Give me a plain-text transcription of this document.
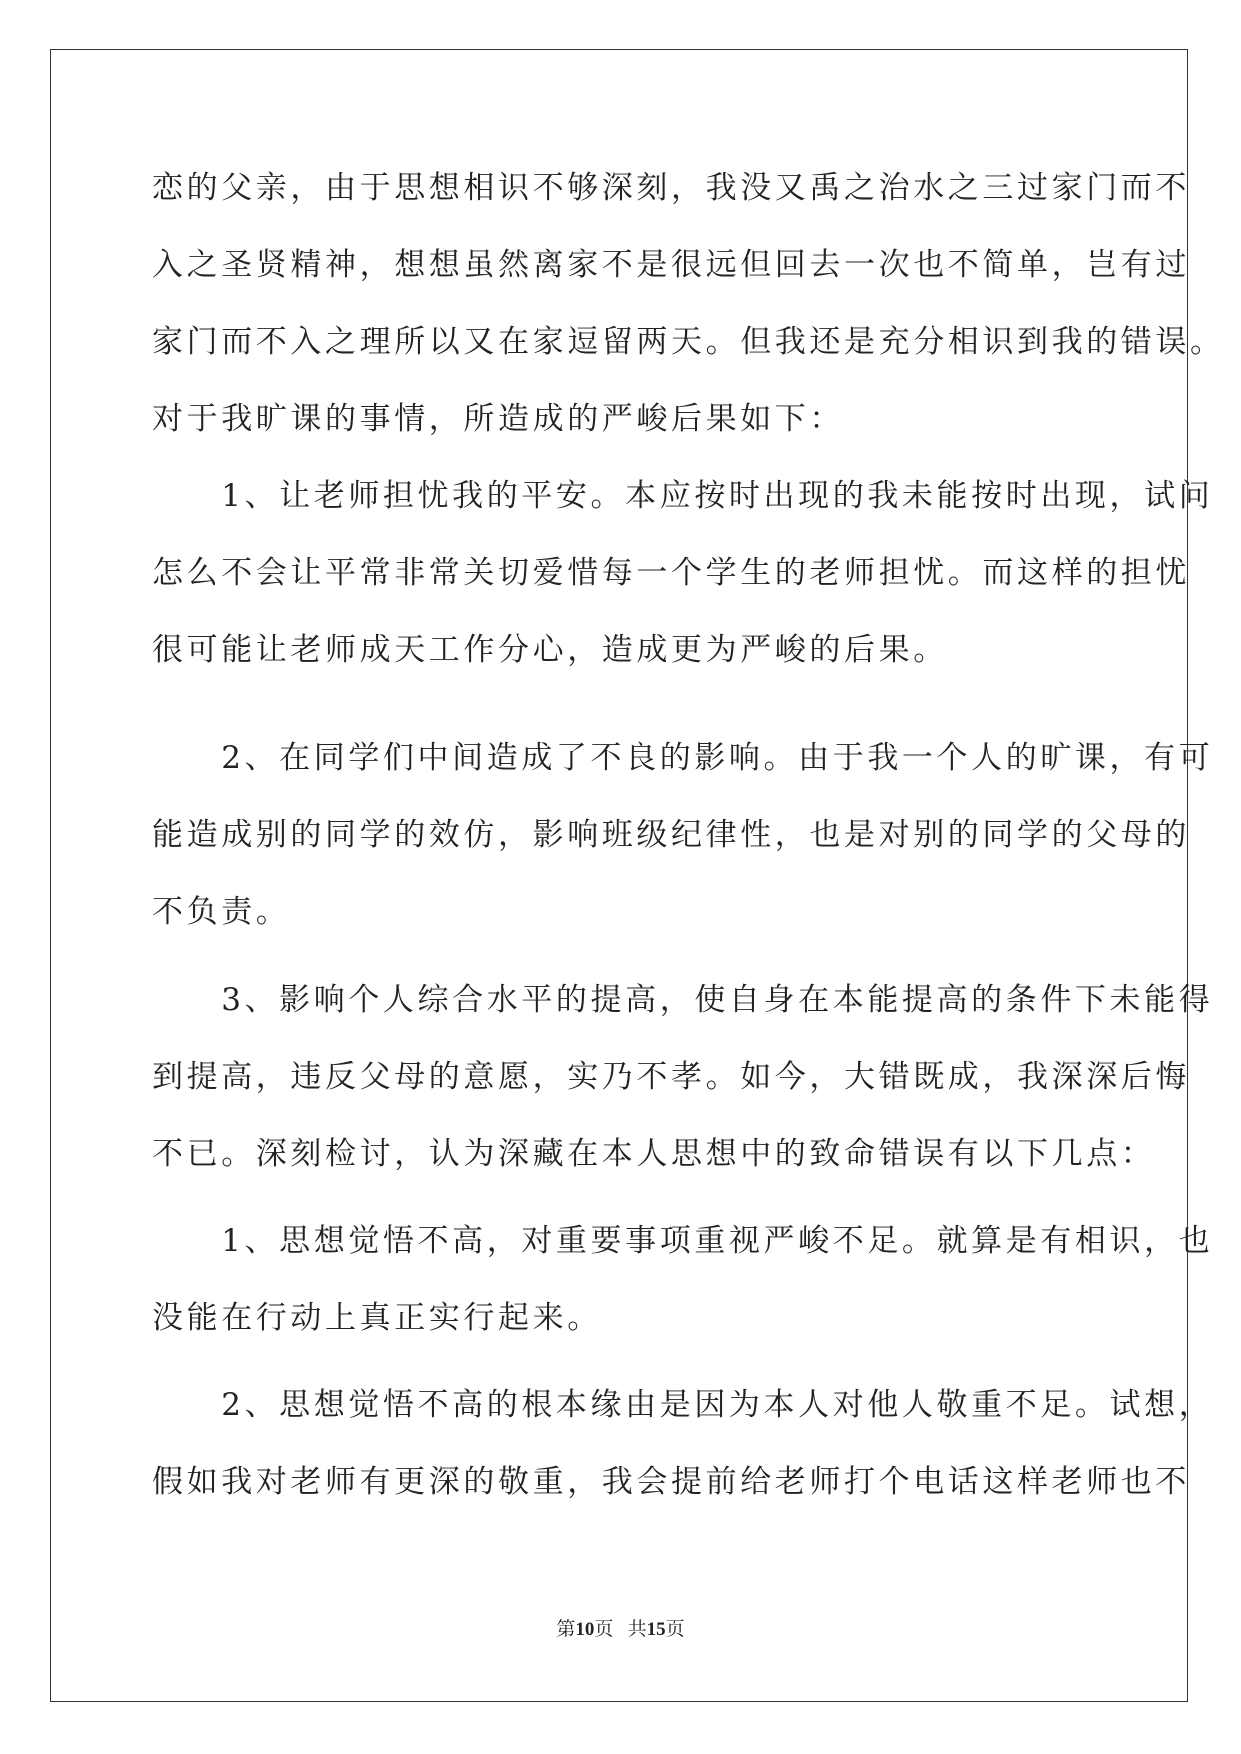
恋的父亲，由于思想相识不够深刻，我没又禹之治水之三过家门而不

入之圣贤精神，想想虽然离家不是很远但回去一次也不简单，岂有过

家门而不入之理所以又在家逗留两天。但我还是充分相识到我的错误。

对于我旷课的事情，所造成的严峻后果如下：

　　1、让老师担忧我的平安。本应按时出现的我未能按时出现，试问

怎么不会让平常非常关切爱惜每一个学生的老师担忧。而这样的担忧

很可能让老师成天工作分心，造成更为严峻的后果。

　　2、在同学们中间造成了不良的影响。由于我一个人的旷课，有可

能造成别的同学的效仿，影响班级纪律性，也是对别的同学的父母的

不负责。

　　3、影响个人综合水平的提高，使自身在本能提高的条件下未能得

到提高，违反父母的意愿，实乃不孝。如今，大错既成，我深深后悔

不已。深刻检讨，认为深藏在本人思想中的致命错误有以下几点：

　　1、思想觉悟不高，对重要事项重视严峻不足。就算是有相识，也

没能在行动上真正实行起来。

　　2、思想觉悟不高的根本缘由是因为本人对他人敬重不足。试想，

假如我对老师有更深的敬重，我会提前给老师打个电话这样老师也不

第10页 共15页
